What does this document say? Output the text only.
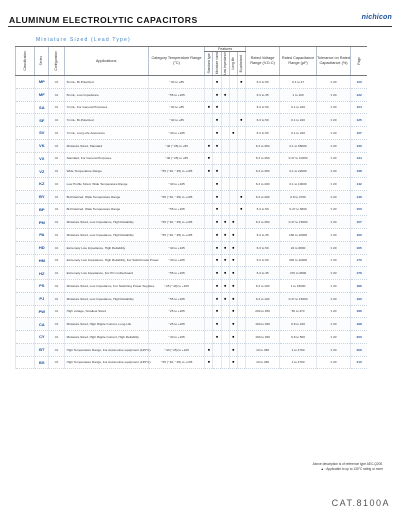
ALUMINUM ELECTROLYTIC CAPACITORS	nichicon
Miniature Sized (Lead Type)
Classification	Series	Configuration	Applications	Category Temperature Range (°C)	Features					Rated Voltage Range (V.D.C)	Rated Capacitance Range (µF)	Tolerance on Rated Capacitance (%)	Page

					Standard type	Miniature sized	Low impedance	Long life	Bi-polarized				

	MP	04	5mmL, Bi-Polarized	−40 to +85		●			●	6.3 to 50	0.1 to 47	± 20	120
	MF	04	5mmL, Low Impedance	−55 to +105		●	●			6.3 to 35	1 to 100	± 20	122
	SA	04	7mmL, For General Purposes	−40 to +85	●	●				6.3 to 50	0.1 to 220	± 20	124
	SF	04	7mmL, Bi-Polarized	−40 to +85		●			●	6.3 to 50	0.1 to 220	± 20	125
	SV	04	7mmL, Long Life Assurance	−40 to +105		●		●		6.3 to 50	0.1 to 220	± 20	127
	VK	04	Miniature Sized, Standard	−40 (−25) to +85	●	●				6.3 to 450	0.1 to 68000	± 20	130
	VX	02	Standard, For General Purposes	−40 (−25) to +85	●					6.3 to 450	0.47 to 10000	± 20	134
	VZ	04	Wide Temperature Range	−55 (−40, −25) to +105	●	●				6.3 to 450	0.1 to 22000	± 20	138
	KZ	04	Low Profile Sized, Wide Temperature Range	−40 to +105		●				6.3 to 400	0.1 to 10000	± 20	142
	BY	04	Bi-Polarized, Wide Temperature Range	−55 (−40, −25) to +105		●			●	6.3 to 400	0.8 to 4700	± 20	146
	BP	04	Bi-Polarized, Wide Temperature Range	−55 to +105		●			●	6.3 to 50	0.47 to 6800	± 20	150
	PM	04	Miniature Sized, Low Impedance, High Reliability	−55 (−40, −25) to +105		●	●	●		6.3 to 450	0.47 to 15000	± 20	157
	PA	04	Miniature Sized, Low Impedance, High Reliability	−55 (−40, −25) to +105		●	●	●		6.3 to 35	180 to 10000	± 20	160
	HD	04	Extremely Low Impedance, High Reliability	−40 to +105		●	●	●		6.3 to 50	22 to 6800	± 20	165
	HM	04	Extremely Low Impedance, High Reliability, For Switchmode Power	−40 to +105		●	●	●		6.3 to 50	330 to 10000	± 20	170
	HZ	04	Extremely Low Impedance, For PC motherboard	−55 to +105		●	●	●		6.3 to 35	470 to 6800	± 20	176
	PS	04	Miniature Sized, Low Impedance, For Switching Power Supplies	−25 (−40) to +105		●	●	●		6.3 to 100	1 to 15000	± 20	186
	PJ	04	Miniature Sized, Low Impedance, High Reliability	−55 to +105		●	●	●		6.3 to 100	0.47 to 15000	± 20	190
	PW	04	High voltage, Smallest Sized	−25 to +105		●		●		200 to 450	56 to 470	± 20	196
	CA	04	Miniature Sized, High Ripple Current, Long Life	−25 to +105		●		●		160 to 450	6.8 to 220	± 20	198
	CY	04	Miniature Sized, High Ripple Current, High Reliability	−40 to +105		●		●		160 to 450	6.8 to 560	± 20	200
	BT	04	High Temperature Range, For Automotive equipment (125°C)	−40 (−25) to +125	●			●		10 to 450	1 to 4700	± 20	206
	BS	04	High Temperature Range, For Automotive equipment (135°C)	−55 (−40, −25) to +135	●			●		10 to 450	1 to 4700	± 20	210
Above description is of reference type AEC-Q200.
▲ : Applicable to up to 130°C rating or more
CAT.8100A
